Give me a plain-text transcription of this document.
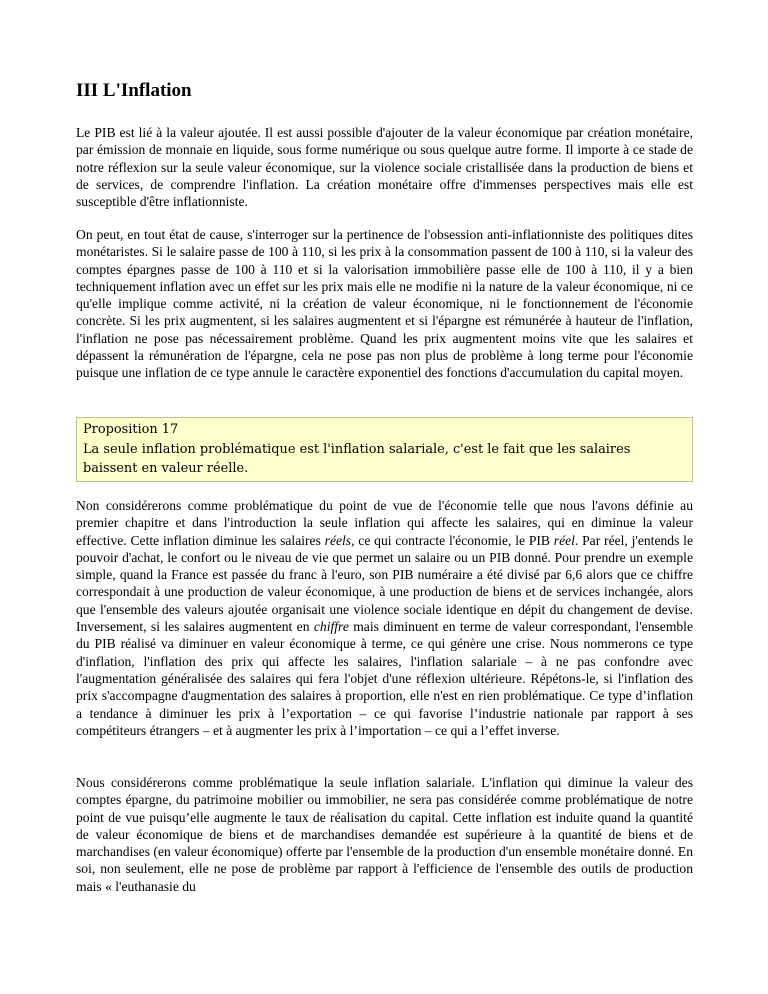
III L'Inflation

Le PIB est lié à la valeur ajoutée. Il est aussi possible d'ajouter de la valeur économique par création monétaire, par émission de monnaie en liquide, sous forme numérique ou sous quelque autre forme. Il importe à ce stade de notre réflexion sur la seule valeur économique, sur la violence sociale cristallisée dans la production de biens et de services, de comprendre l'inflation. La création monétaire offre d'immenses perspectives mais elle est susceptible d'être inflationniste.

On peut, en tout état de cause, s'interroger sur la pertinence de l'obsession anti-inflationniste des politiques dites monétaristes. Si le salaire passe de 100 à 110, si les prix à la consommation passent de 100 à 110, si la valeur des comptes épargnes passe de 100 à 110 et si la valorisation immobilière passe elle de 100 à 110, il y a bien techniquement inflation avec un effet sur les prix mais elle ne modifie ni la nature de la valeur économique, ni ce qu'elle implique comme activité, ni la création de valeur économique, ni le fonctionnement de l'économie concrète. Si les prix augmentent, si les salaires augmentent et si l'épargne est rémunérée à hauteur de l'inflation, l'inflation ne pose pas nécessairement problème. Quand les prix augmentent moins vite que les salaires et dépassent la rémunération de l'épargne, cela ne pose pas non plus de problème à long terme pour l'économie puisque une inflation de ce type annule le caractère exponentiel des fonctions d'accumulation du capital moyen.

Proposition 17
La seule inflation problématique est l'inflation salariale, c'est le fait que les salaires baissent en valeur réelle.

Non considérerons comme problématique du point de vue de l'économie telle que nous l'avons définie au premier chapitre et dans l'introduction la seule inflation qui affecte les salaires, qui en diminue la valeur effective. Cette inflation diminue les salaires réels, ce qui contracte l'économie, le PIB réel. Par réel, j'entends le pouvoir d'achat, le confort ou le niveau de vie que permet un salaire ou un PIB donné. Pour prendre un exemple simple, quand la France est passée du franc à l'euro, son PIB numéraire a été divisé par 6,6 alors que ce chiffre correspondait à une production de valeur économique, à une production de biens et de services inchangée, alors que l'ensemble des valeurs ajoutée organisait une violence sociale identique en dépit du changement de devise. Inversement, si les salaires augmentent en chiffre mais diminuent en terme de valeur correspondant, l'ensemble du PIB réalisé va diminuer en valeur économique à terme, ce qui génère une crise. Nous nommerons ce type d'inflation, l'inflation des prix qui affecte les salaires, l'inflation salariale – à ne pas confondre avec l'augmentation généralisée des salaires qui fera l'objet d'une réflexion ultérieure. Répétons-le, si l'inflation des prix s'accompagne d'augmentation des salaires à proportion, elle n'est en rien problématique. Ce type d’inflation a tendance à diminuer les prix à l’exportation – ce qui favorise l’industrie nationale par rapport à ses compétiteurs étrangers – et à augmenter les prix à l’importation – ce qui a l’effet inverse.

Nous considérerons comme problématique la seule inflation salariale. L'inflation qui diminue la valeur des comptes épargne, du patrimoine mobilier ou immobilier, ne sera pas considérée comme problématique de notre point de vue puisqu’elle augmente le taux de réalisation du capital. Cette inflation est induite quand la quantité de valeur économique de biens et de marchandises demandée est supérieure à la quantité de biens et de marchandises (en valeur économique) offerte par l'ensemble de la production d'un ensemble monétaire donné. En soi, non seulement, elle ne pose de problème par rapport à l'efficience de l'ensemble des outils de production mais « l'euthanasie du
